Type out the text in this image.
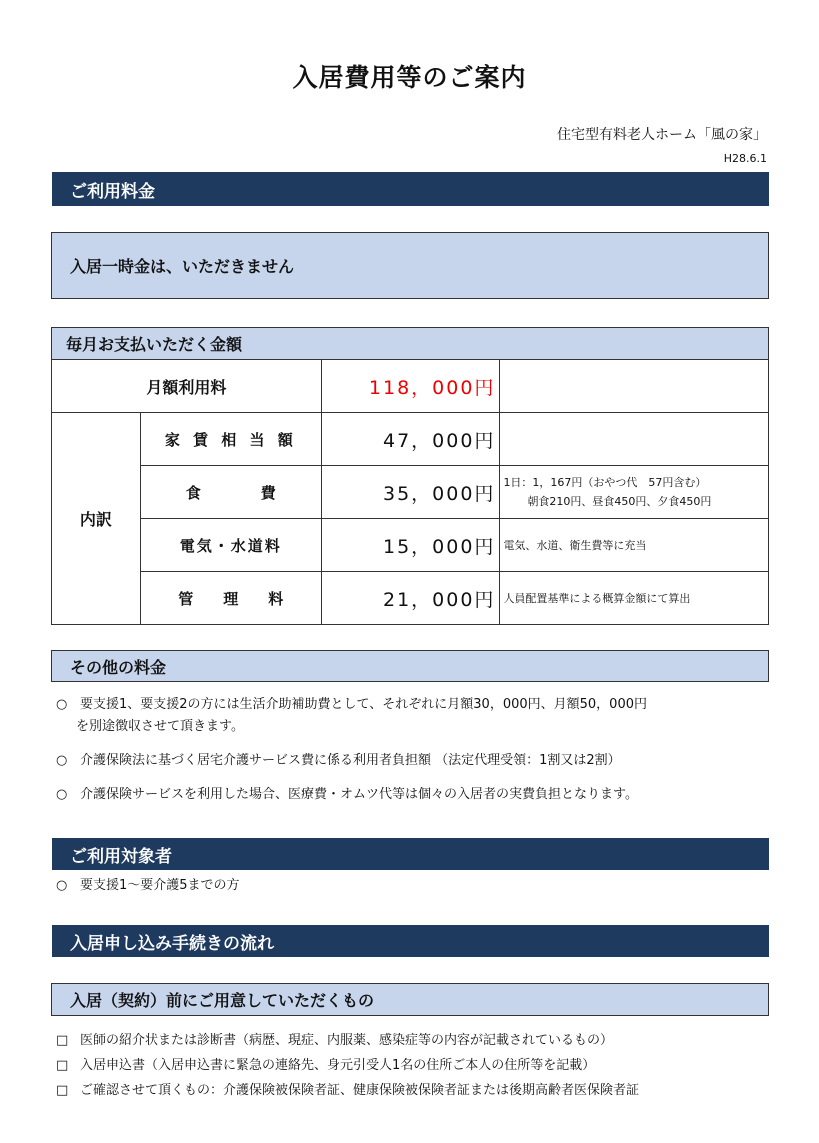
入居費用等のご案内
住宅型有料老人ホーム「風の家」
H28.6.1
ご利用料金
入居一時金は、いただきません
毎月お支払いただく金額			
月額利用料		118，000円	
内訳	家 賃 相 当 額	47，000円	
	食　　　　費	35，000円	1日：1，167円（おやつ代　57円含む）
朝食210円、昼食450円、夕食450円

	電気・水道料	15，000円	電気、水道、衛生費等に充当
	管　　理　　料	21，000円	人員配置基準による概算金額にて算出
その他の料金
○ 要支援1、要支援2の方には生活介助補助費として、それぞれに月額30，000円、月額50，000円
を別途徴収させて頂きます。
○ 介護保険法に基づく居宅介護サービス費に係る利用者負担額 （法定代理受領：1割又は2割）
○ 介護保険サービスを利用した場合、医療費・オムツ代等は個々の入居者の実費負担となります。
ご利用対象者
○ 要支援1～要介護5までの方
入居申し込み手続きの流れ
入居（契約）前にご用意していただくもの
□ 医師の紹介状または診断書（病歴、現症、内服薬、感染症等の内容が記載されているもの）
□ 入居申込書（入居申込書に緊急の連絡先、身元引受人1名の住所ご本人の住所等を記載）
□ ご確認させて頂くもの：介護保険被保険者証、健康保険被保険者証または後期高齢者医保険者証
